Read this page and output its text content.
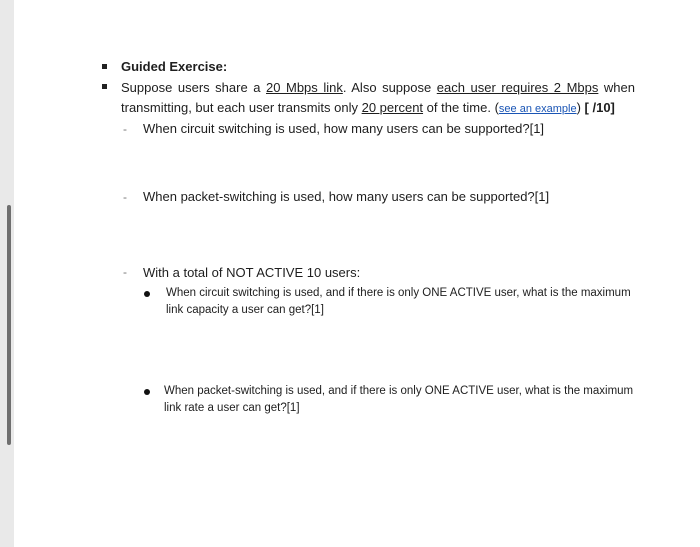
Guided Exercise:
Suppose users share a 20 Mbps link. Also suppose each user requires 2 Mbps when transmitting, but each user transmits only 20 percent of the time. (see an example) [ /10]
-
-
-
When circuit switching is used, how many users can be supported?[1]
When packet-switching is used, how many users can be supported?[1]
With a total of NOT ACTIVE 10 users:
When circuit switching is used, and if there is only ONE ACTIVE user, what is the maximum link capacity a user can get?[1]
When packet-switching is used, and if there is only ONE ACTIVE user, what is the maximum link rate a user can get?[1]
